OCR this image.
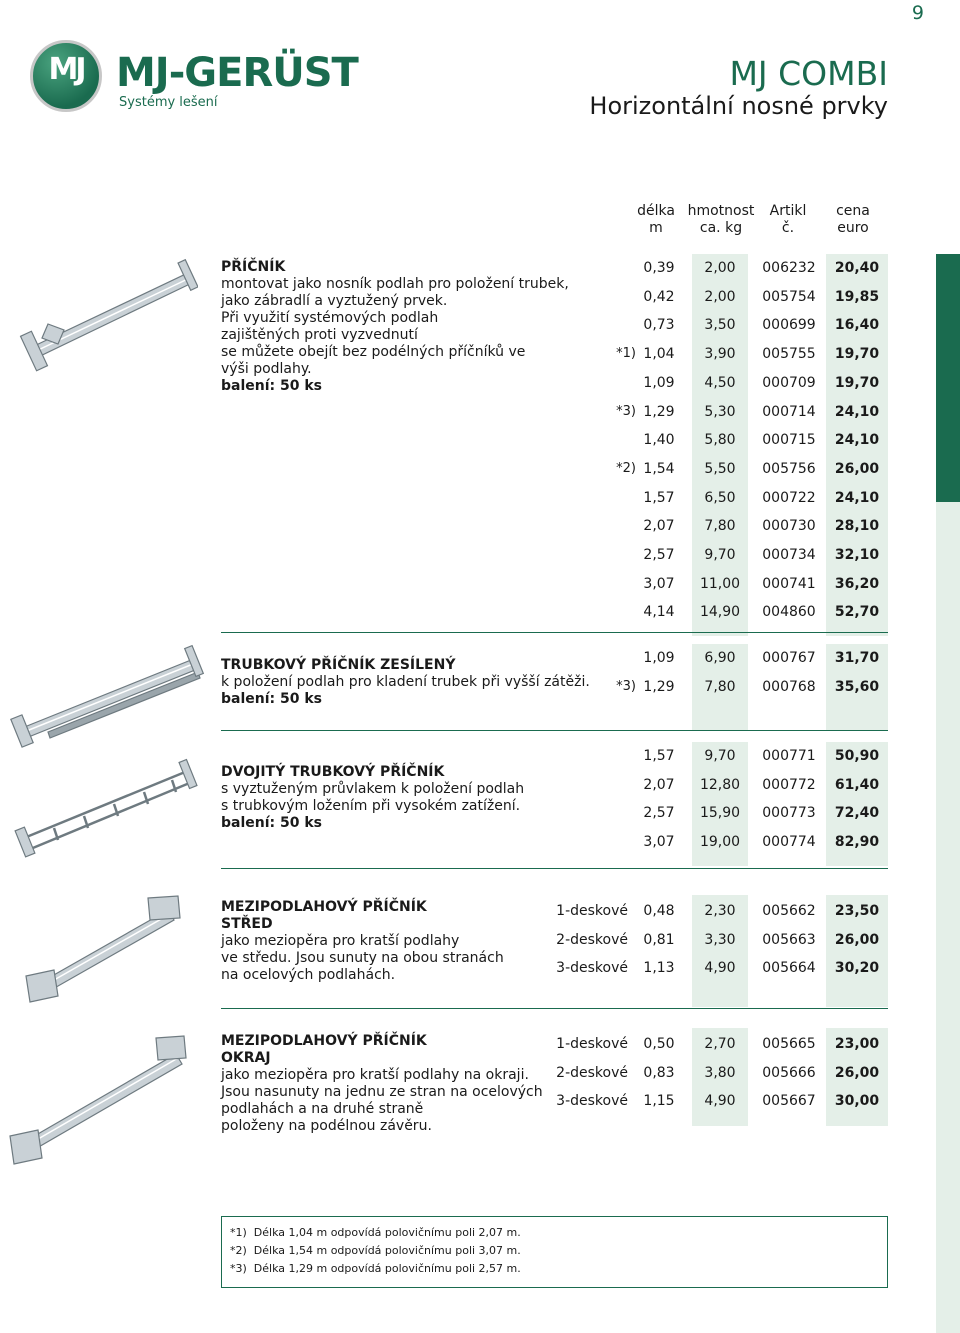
9
MJ MJ-GERÜST
Systémy lešení
MJ COMBI
Horizontální nosné prvky
délka
m
hmotnost
ca. kg
Artikl
č.
cena
euro
PŘÍČNÍK
montovat jako nosník podlah pro položení trubek,
jako zábradlí a vyztužený prvek.
Při využití systémových podlah
zajištěných proti vyzvednutí
se můžete obejít bez podélných příčníků ve
výši podlahy.
balení: 50 ks
TRUBKOVÝ PŘÍČNÍK ZESÍLENÝ
k položení podlah pro kladení trubek při vyšší zátěži.
balení: 50 ks
DVOJITÝ TRUBKOVÝ PŘÍČNÍK
s vyztuženým průvlakem k položení podlah
s trubkovým ložením při vysokém zatížení.
balení: 50 ks
MEZIPODLAHOVÝ PŘÍČNÍK
STŘED
jako meziopěra pro kratší podlahy
ve středu. Jsou sunuty na obou stranách
na ocelových podlahách.
MEZIPODLAHOVÝ PŘÍČNÍK
OKRAJ
jako meziopěra pro kratší podlahy na okraji.
Jsou nasunuty na jednu ze stran na ocelových
podlahách a na druhé straně
položeny na podélnou závěru.
0,39	2,00	006232	20,40
0,42	2,00	005754	19,85
0,73	3,50	000699	16,40
*1) 1,04	3,90	005755	19,70
1,09	4,50	000709	19,70
*3) 1,29	5,30	000714	24,10
1,40	5,80	000715	24,10
*2) 1,54	5,50	005756	26,00
1,57	6,50	000722	24,10
2,07	7,80	000730	28,10
2,57	9,70	000734	32,10
3,07	11,00	000741	36,20
4,14	14,90	004860	52,70
1,09	6,90	000767	31,70
*3) 1,29	7,80	000768	35,60
1,57	9,70	000771	50,90
2,07	12,80	000772	61,40
2,57	15,90	000773	72,40
3,07	19,00	000774	82,90
1-deskové	0,48	2,30	005662	23,50
2-deskové	0,81	3,30	005663	26,00
3-deskové	1,13	4,90	005664	30,20
1-deskové	0,50	2,70	005665	23,00
2-deskové	0,83	3,80	005666	26,00
3-deskové	1,15	4,90	005667	30,00
*1) Délka 1,04 m odpovídá polovičnímu poli 2,07 m.
*2) Délka 1,54 m odpovídá polovičnímu poli 3,07 m.
*3) Délka 1,29 m odpovídá polovičnímu poli 2,57 m.
